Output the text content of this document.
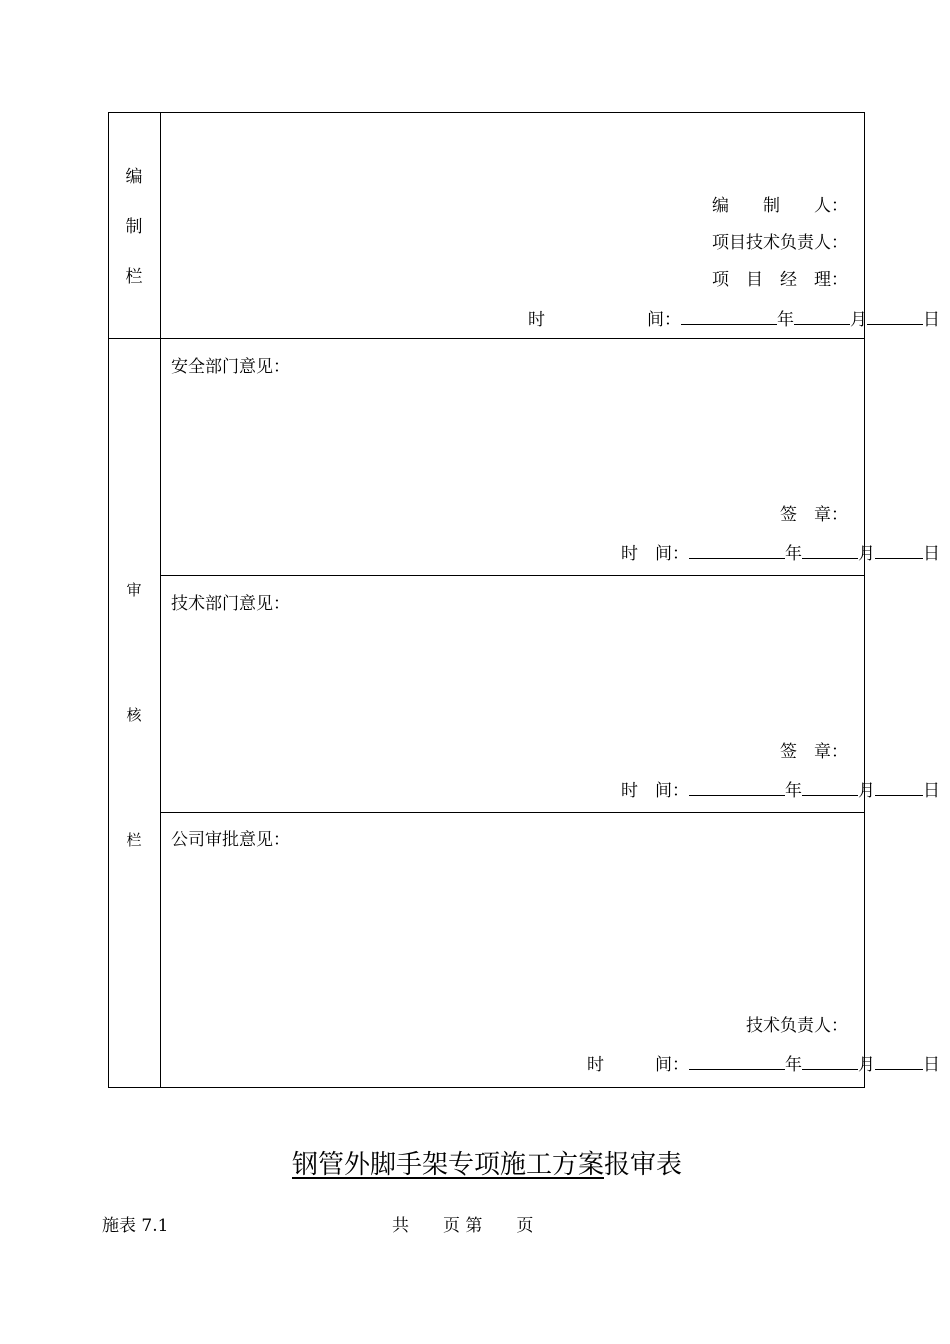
编
制
栏
编　　制　　人：
项目技术负责人：
项　目　经　理：
时　　　　　　间：	年	月	日
审
核
栏
安全部门意见：
签　章：
时　间：	年	月	日
技术部门意见：
签　章：
时　间：	年	月	日
公司审批意见：
技术负责人：
时　　　间：	年	月	日
钢管外脚手架专项施工方案报审表
施表 7.1	共　　页 第　　页
